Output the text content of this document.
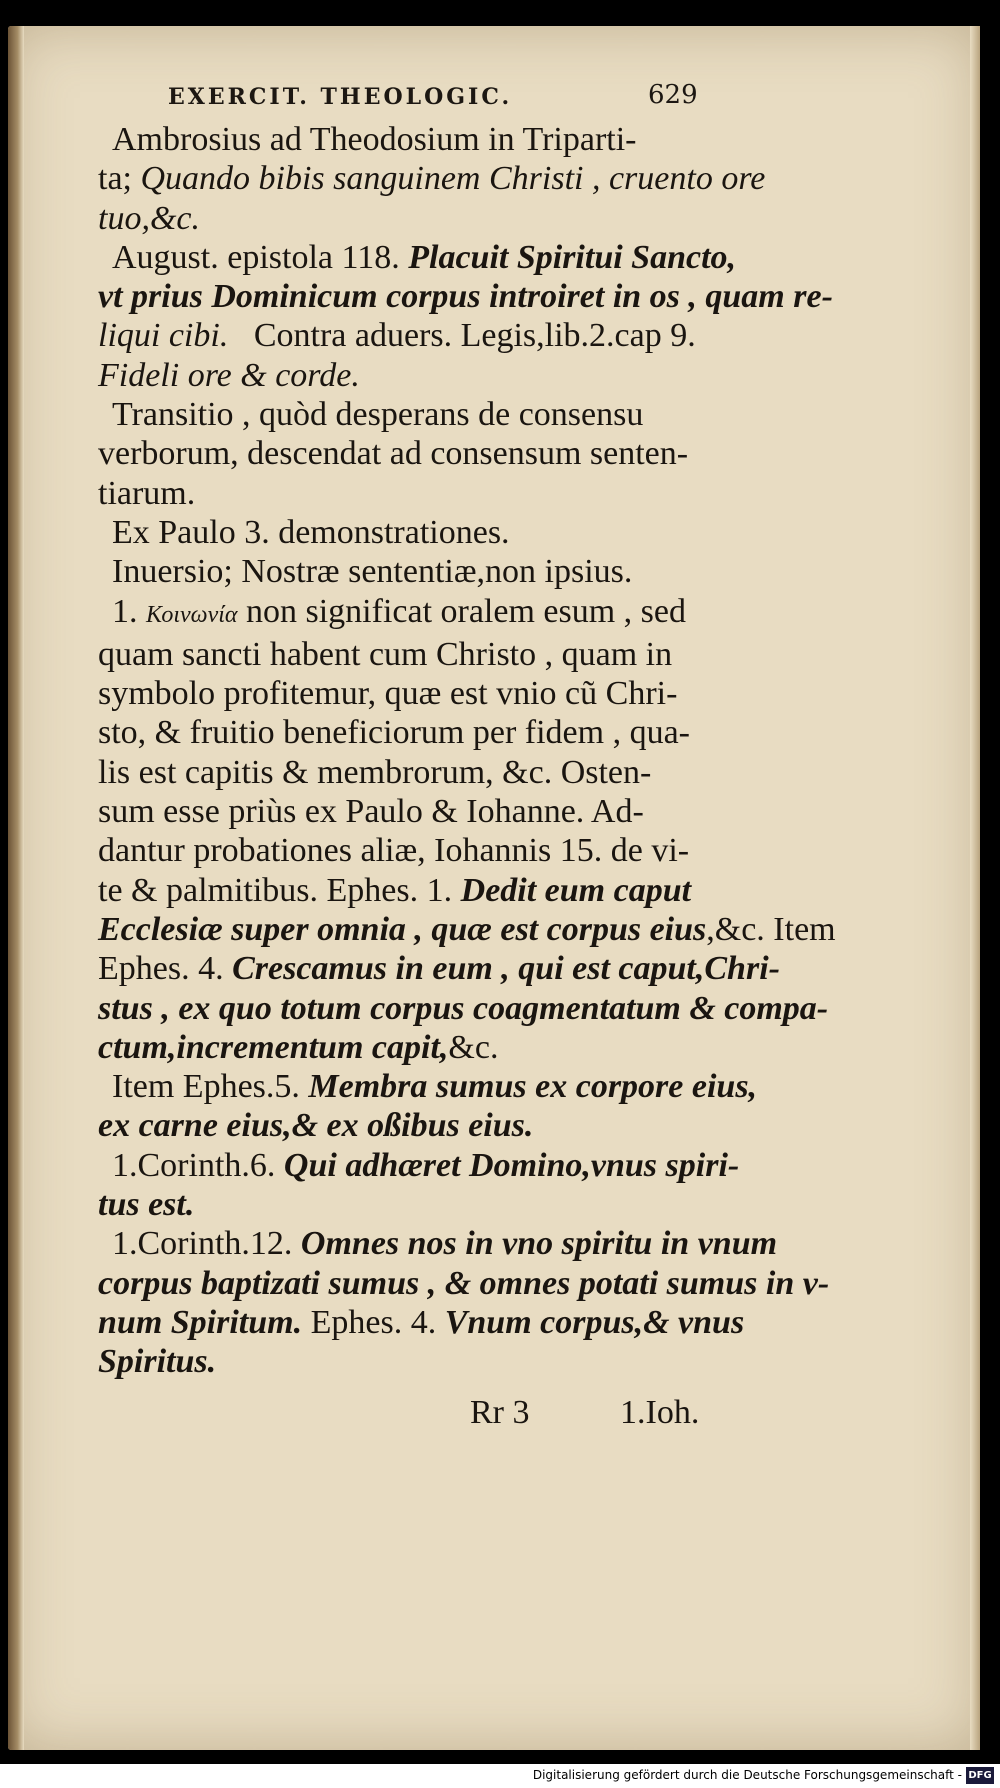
EXERCIT. THEOLOGIC.	629

Ambrosius ad Theodosium in Triparti-

ta; Quando bibis sanguinem Christi , cruento ore

tuo,&c.

August. epistola 118. Placuit Spiritui Sancto,

vt prius Dominicum corpus introiret in os , quam re-

liqui cibi. Contra aduers. Legis,lib.2.cap 9.

Fideli ore & corde.

Transitio , quòd desperans de consensu

verborum, descendat ad consensum senten-

tiarum.

Ex Paulo 3. demonstrationes.

Inuersio; Nostræ sententiæ,non ipsius.

1. Κοινωνία non significat oralem esum , sed

quam sancti habent cum Christo , quam in

symbolo profitemur, quæ est vnio cũ Chri-

sto, & fruitio beneficiorum per fidem , qua-

lis est capitis & membrorum, &c. Osten-

sum esse priùs ex Paulo & Iohanne. Ad-

dantur probationes aliæ, Iohannis 15. de vi-

te & palmitibus. Ephes. 1. Dedit eum caput

Ecclesiæ super omnia , quæ est corpus eius,&c. Item

Ephes. 4. Crescamus in eum , qui est caput,Chri-

stus , ex quo totum corpus coagmentatum & compa-

ctum,incrementum capit,&c.

Item Ephes.5. Membra sumus ex corpore eius,

ex carne eius,& ex oßibus eius.

1.Corinth.6. Qui adhæret Domino,vnus spiri-

tus est.

1.Corinth.12. Omnes nos in vno spiritu in vnum

corpus baptizati sumus , & omnes potati sumus in v-

num Spiritum. Ephes. 4. Vnum corpus,& vnus

Spiritus.

Rr 3	1.Ioh.
Digitalisierung gefördert durch die Deutsche Forschungsgemeinschaft - DFG
